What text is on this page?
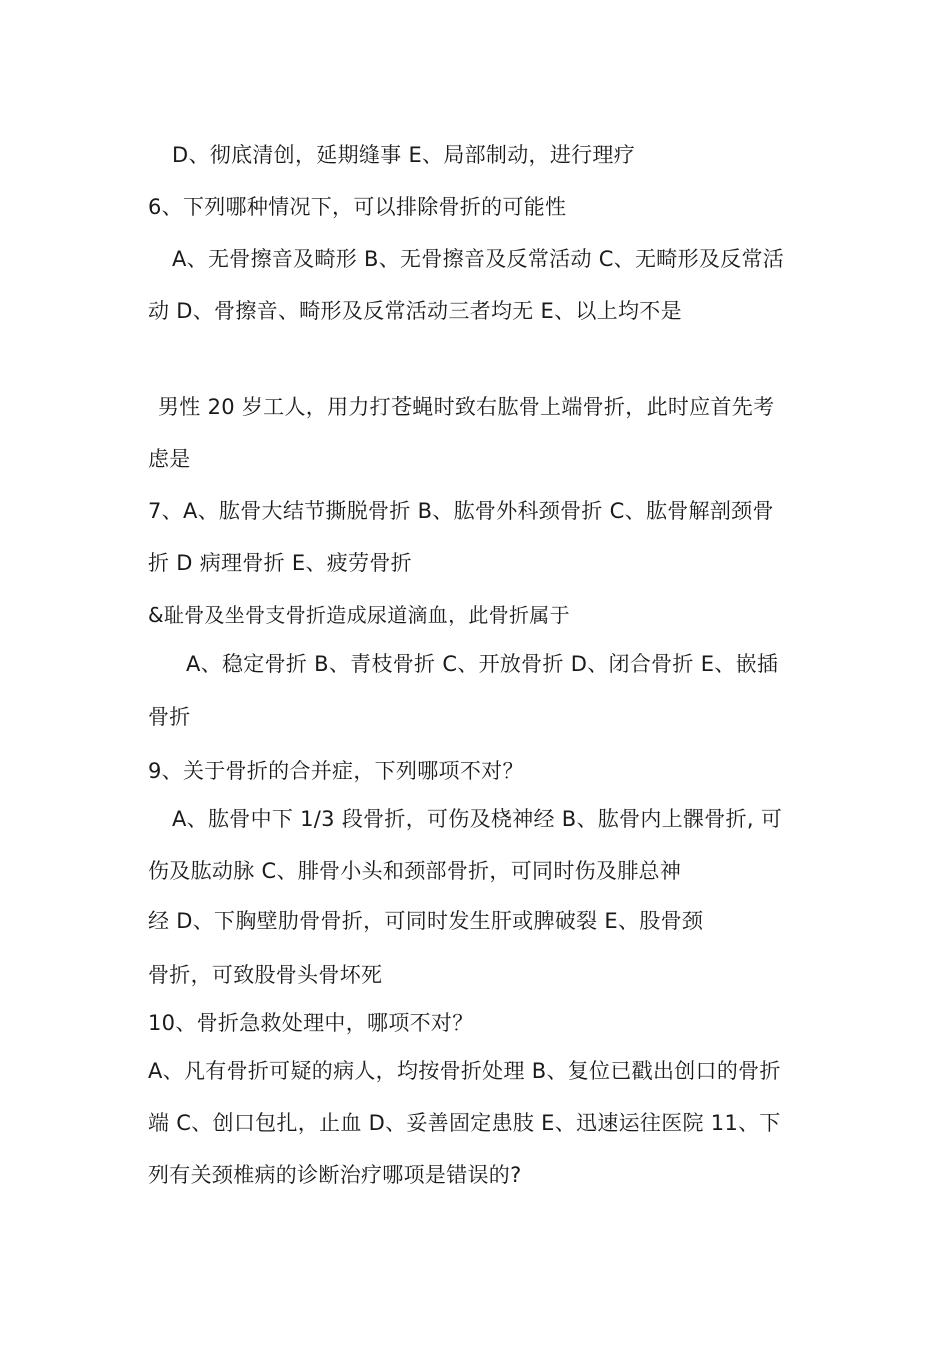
D、彻底清创，延期缝事 E、局部制动，进行理疗
6、下列哪种情况下，可以排除骨折的可能性
A、无骨擦音及畸形 B、无骨擦音及反常活动 C、无畸形及反常活
动 D、骨擦音、畸形及反常活动三者均无 E、以上均不是
男性 20 岁工人，用力打苍蝇时致右肱骨上端骨折，此时应首先考
虑是
7、A、肱骨大结节撕脱骨折 B、肱骨外科颈骨折 C、肱骨解剖颈骨
折 D 病理骨折 E、疲劳骨折
&耻骨及坐骨支骨折造成尿道滴血，此骨折属于
A、稳定骨折 B、青枝骨折 C、开放骨折 D、闭合骨折 E、嵌插
骨折
9、关于骨折的合并症，下列哪项不对？
A、肱骨中下 1/3 段骨折，可伤及桡神经 B、肱骨内上髁骨折, 可
伤及肱动脉 C、腓骨小头和颈部骨折，可同时伤及腓总神
经 D、下胸壁肋骨骨折，可同时发生肝或脾破裂 E、股骨颈
骨折，可致股骨头骨坏死
10、骨折急救处理中，哪项不对？
A、凡有骨折可疑的病人，均按骨折处理 B、复位已戳出创口的骨折
端 C、创口包扎，止血 D、妥善固定患肢 E、迅速运往医院 11、下
列有关颈椎病的诊断治疗哪项是错误的?
